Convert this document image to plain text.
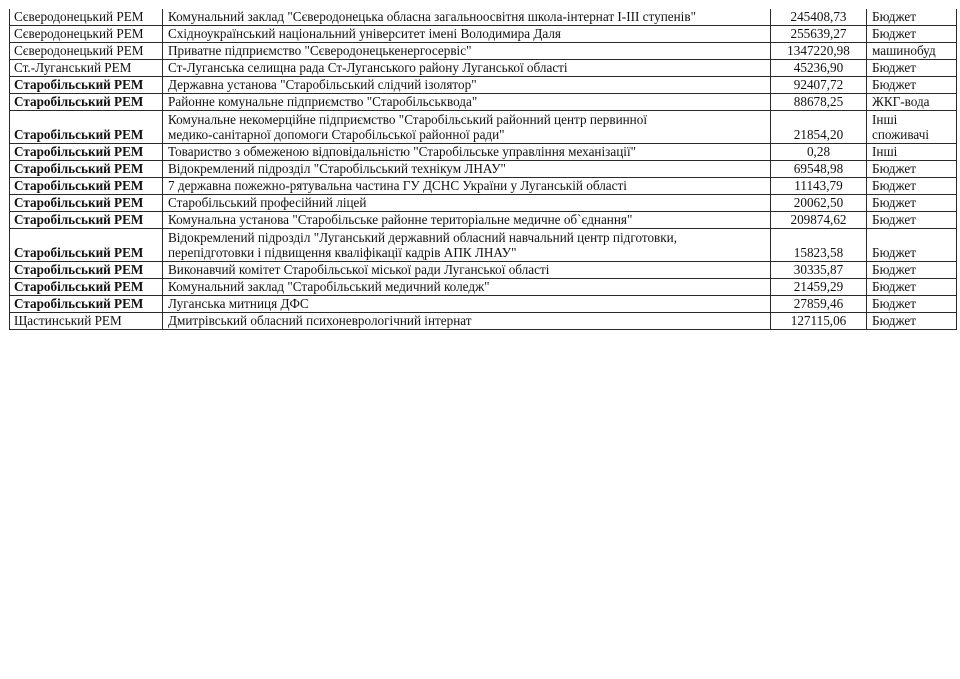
Сєверодонецький РЕМ	Комунальний заклад "Сєверодонецька обласна загальноосвітня школа-інтернат І-ІІІ ступенів"	245408,73	Бюджет

Сєверодонецький РЕМ	Східноукраїнський національний університет імені Володимира Даля	255639,27	Бюджет

Сєверодонецький РЕМ	Приватне підприємство "Сєверодонецькенергосервіс"	1347220,98	машинобуд

Ст.-Луганський РЕМ	Ст-Луганська селищна рада Ст-Луганського району Луганської області	45236,90	Бюджет

Старобільський РЕМ	Державна установа "Старобільський слідчий ізолятор"	92407,72	Бюджет

Старобільський РЕМ	Районне комунальне підприємство "Старобільськвода"	88678,25	ЖКГ-вода

Старобільський РЕМ	Комунальне некомерційне підприємство "Старобільський районний центр первинної
медико-санітарної допомоги Старобільської районної ради"	21854,20	Інші
споживачі

Старобільський РЕМ	Товариство з обмеженою відповідальністю "Старобільське управління механізації"	0,28	Інші

Старобільський РЕМ	Відокремлений підрозділ "Старобільський технікум ЛНАУ"	69548,98	Бюджет

Старобільський РЕМ	7 державна пожежно-рятувальна частина ГУ ДСНС України у Луганській області	11143,79	Бюджет

Старобільський РЕМ	Старобільський професійний ліцей	20062,50	Бюджет

Старобільський РЕМ	Комунальна установа "Старобільське районне територіальне медичне об`єднання"	209874,62	Бюджет

Старобільський РЕМ	Відокремлений підрозділ "Луганський державний обласний навчальний центр підготовки,
перепідготовки і підвищення кваліфікації кадрів АПК ЛНАУ"	15823,58	Бюджет

Старобільський РЕМ	Виконавчий комітет Старобільської міської ради Луганської області	30335,87	Бюджет

Старобільський РЕМ	Комунальний заклад "Старобільський медичний коледж"	21459,29	Бюджет

Старобільський РЕМ	Луганська митниця ДФС	27859,46	Бюджет

Щастинський РЕМ	Дмитрівський обласний психоневрологічний інтернат	127115,06	Бюджет
